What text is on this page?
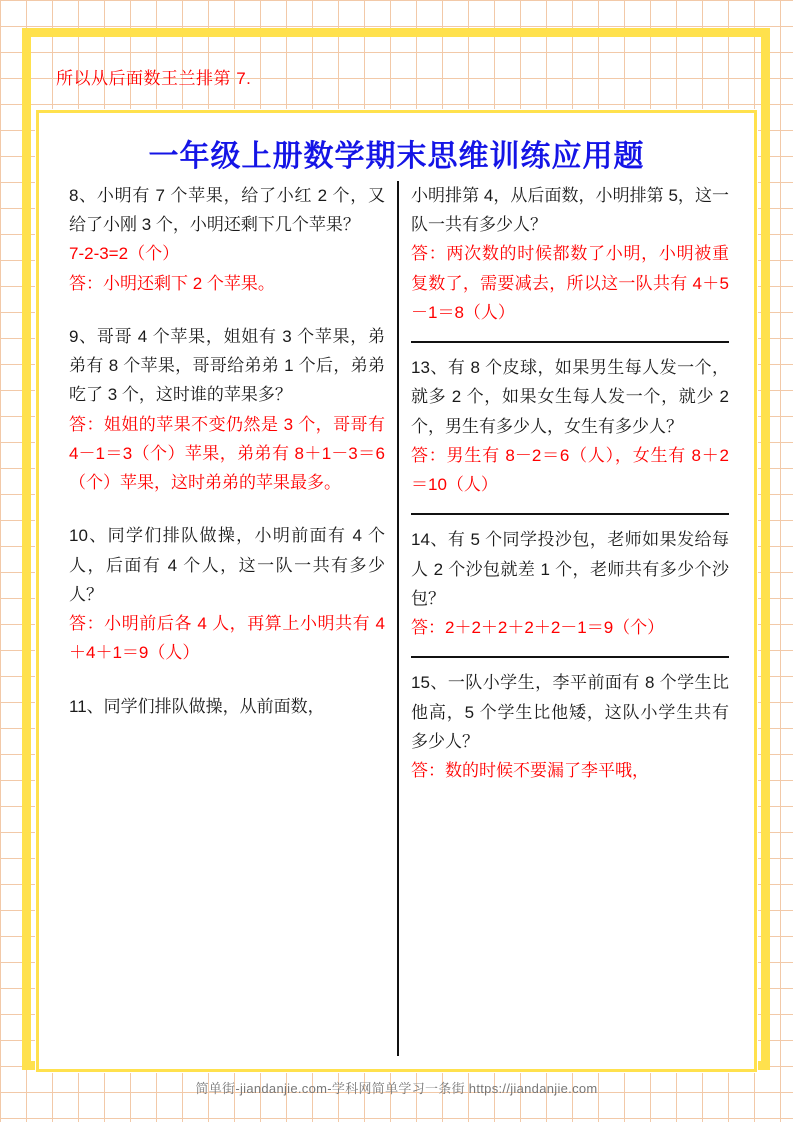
所以从后面数王兰排第 7.
一年级上册数学期末思维训练应用题
8、小明有 7 个苹果，给了小红 2 个，又给了小刚 3 个，小明还剩下几个苹果？
7-2-3=2（个）
答：小明还剩下 2 个苹果。
9、哥哥 4 个苹果，姐姐有 3 个苹果，弟弟有 8 个苹果，哥哥给弟弟 1 个后，弟弟吃了 3 个，这时谁的苹果多？
答：姐姐的苹果不变仍然是 3 个，哥哥有 4－1＝3（个）苹果，弟弟有 8＋1－3＝6（个）苹果，这时弟弟的苹果最多。
10、同学们排队做操，小明前面有 4 个人，后面有 4 个人，这一队一共有多少人？
答：小明前后各 4 人，再算上小明共有 4＋4＋1＝9（人）
11、同学们排队做操，从前面数，
小明排第 4，从后面数，小明排第 5，这一队一共有多少人？
答：两次数的时候都数了小明，小明被重复数了，需要减去，所以这一队共有 4＋5－1＝8（人）
13、有 8 个皮球，如果男生每人发一个，就多 2 个，如果女生每人发一个，就少 2 个，男生有多少人，女生有多少人？
答：男生有 8－2＝6（人），女生有 8＋2＝10（人）
14、有 5 个同学投沙包，老师如果发给每人 2 个沙包就差 1 个，老师共有多少个沙包？
答：2＋2＋2＋2＋2－1＝9（个）
15、一队小学生，李平前面有 8 个学生比他高，5 个学生比他矮，这队小学生共有多少人？
答：数的时候不要漏了李平哦，
简单街-jiandanjie.com-学科网简单学习一条街 https://jiandanjie.com
